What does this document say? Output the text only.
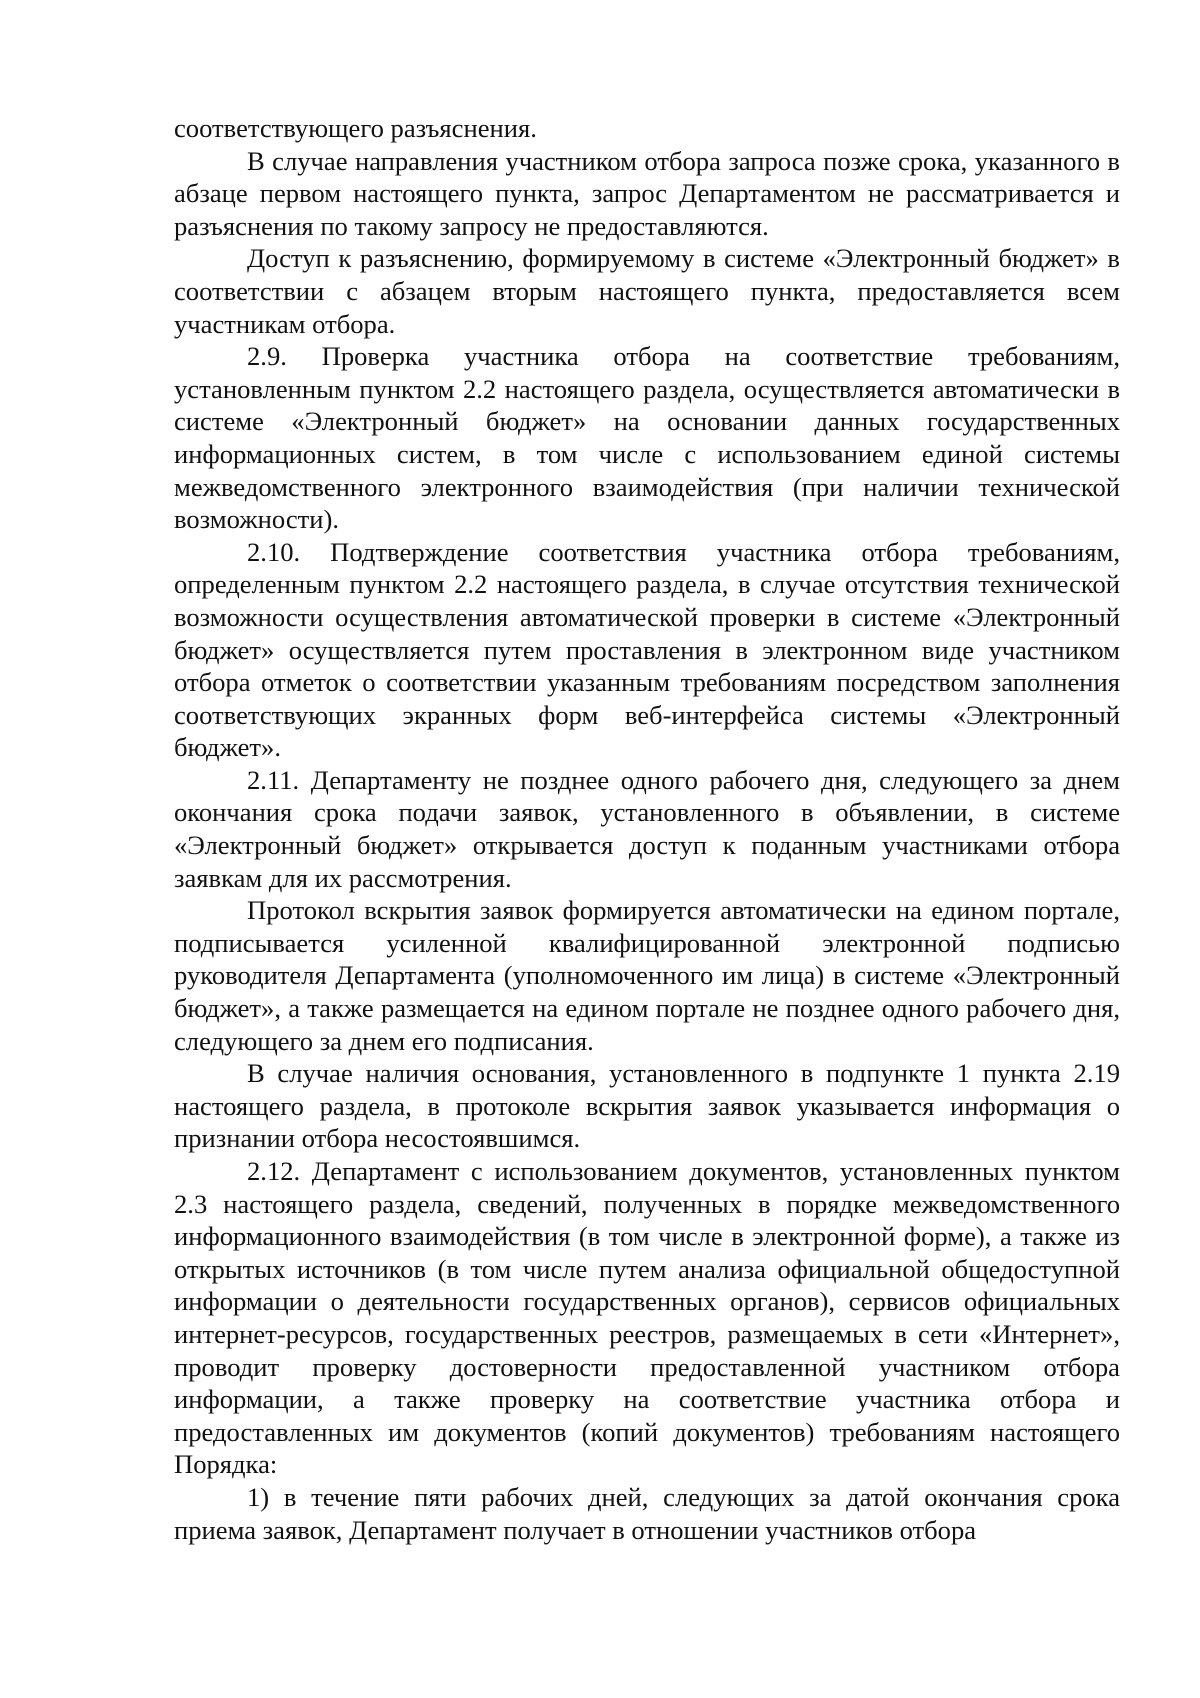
соответствующего разъяснения.

В случае направления участником отбора запроса позже срока, указанного в абзаце первом настоящего пункта, запрос Департаментом не рассматривается и разъяснения по такому запросу не предоставляются.

Доступ к разъяснению, формируемому в системе «Электронный бюджет» в соответствии с абзацем вторым настоящего пункта, предоставляется всем участникам отбора.

2.9. Проверка участника отбора на соответствие требованиям, установленным пунктом 2.2 настоящего раздела, осуществляется автоматически в системе «Электронный бюджет» на основании данных государственных информационных систем, в том числе с использованием единой системы межведомственного электронного взаимодействия (при наличии технической возможности).

2.10. Подтверждение соответствия участника отбора требованиям, определенным пунктом 2.2 настоящего раздела, в случае отсутствия технической возможности осуществления автоматической проверки в системе «Электронный бюджет» осуществляется путем проставления в электронном виде участником отбора отметок о соответствии указанным требованиям посредством заполнения соответствующих экранных форм веб-интерфейса системы «Электронный бюджет».

2.11. Департаменту не позднее одного рабочего дня, следующего за днем окончания срока подачи заявок, установленного в объявлении, в системе «Электронный бюджет» открывается доступ к поданным участниками отбора заявкам для их рассмотрения.

Протокол вскрытия заявок формируется автоматически на едином портале, подписывается усиленной квалифицированной электронной подписью руководителя Департамента (уполномоченного им лица) в системе «Электронный бюджет», а также размещается на едином портале не позднее одного рабочего дня, следующего за днем его подписания.

В случае наличия основания, установленного в подпункте 1 пункта 2.19 настоящего раздела, в протоколе вскрытия заявок указывается информация о признании отбора несостоявшимся.

2.12. Департамент с использованием документов, установленных пунктом 2.3 настоящего раздела, сведений, полученных в порядке межведомственного информационного взаимодействия (в том числе в электронной форме), а также из открытых источников (в том числе путем анализа официальной общедоступной информации о деятельности государственных органов), сервисов официальных интернет-ресурсов, государственных реестров, размещаемых в сети «Интернет», проводит проверку достоверности предоставленной участником отбора информации, а также проверку на соответствие участника отбора и предоставленных им документов (копий документов) требованиям настоящего Порядка:

1) в течение пяти рабочих дней, следующих за датой окончания срока приема заявок, Департамент получает в отношении участников отбора
